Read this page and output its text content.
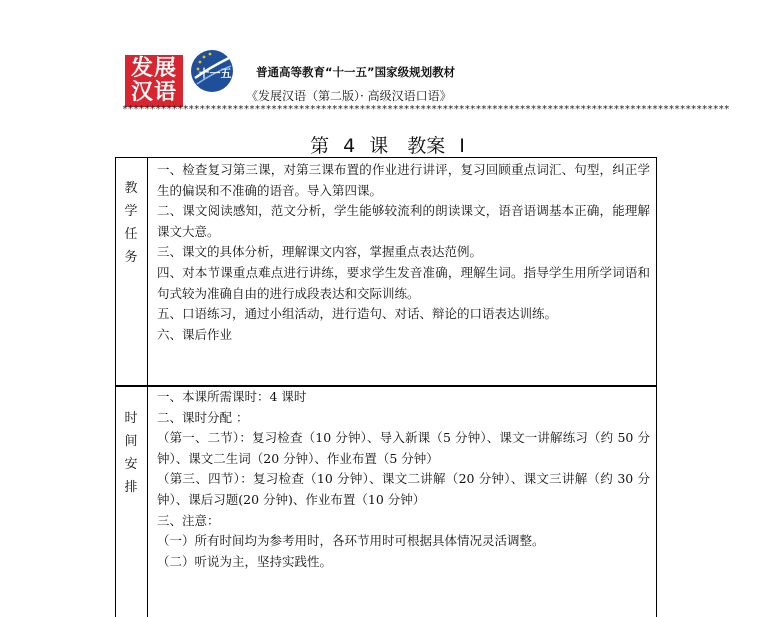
发展
汉语
十一五 普通高等教育“十一五”国家级规划教材
《发展汉语（第二版）· 高级汉语口语》
**************************************************************************************************************
第 4 课　教案 Ⅰ
教
学
任
务

一、检查复习第三课，对第三课布置的作业进行讲评，复习回顾重点词汇、句型，纠正学生的偏误和不准确的语音。导入第四课。

二、课文阅读感知，范文分析，学生能够较流利的朗读课文，语音语调基本正确，能理解课文大意。

三、课文的具体分析，理解课文内容，掌握重点表达范例。

四、对本节课重点难点进行讲练，要求学生发音准确，理解生词。指导学生用所学词语和句式较为准确自由的进行成段表达和交际训练。

五、口语练习，通过小组活动，进行造句、对话、辩论的口语表达训练。

六、课后作业

时
间
安
排

一、本课所需课时：4 课时

二、课时分配 ：

（第一、二节）：复习检查（10 分钟）、导入新课（5 分钟）、课文一讲解练习（约 50 分钟）、课文二生词（20 分钟）、作业布置（5 分钟）

（第三、四节）：复习检查（10 分钟）、课文二讲解（20 分钟）、课文三讲解（约 30 分钟）、课后习题(20 分钟)、作业布置（10 分钟）

三、注意：

（一）所有时间均为参考用时，各环节用时可根据具体情况灵活调整。

（二）听说为主，坚持实践性。
